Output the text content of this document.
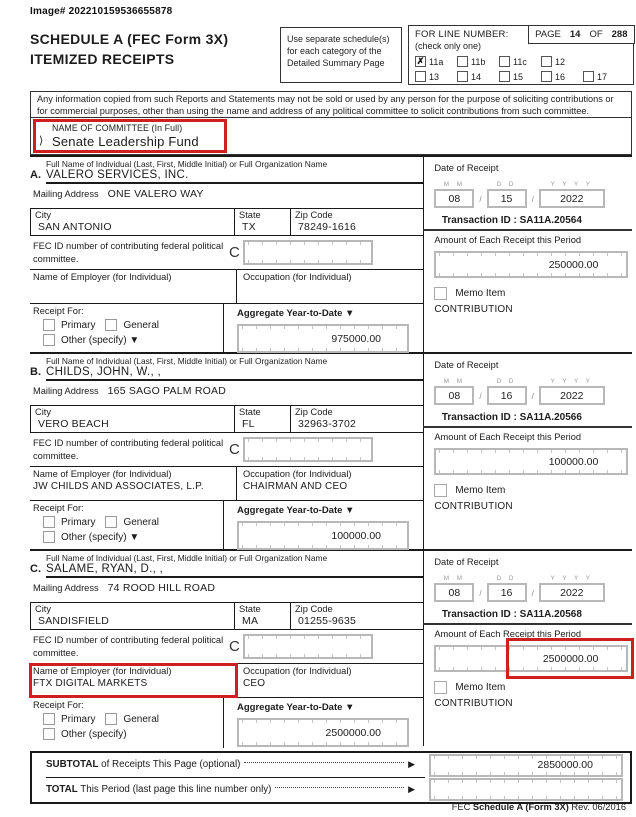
Image# 202210159536655878
SCHEDULE A (FEC Form 3X)
ITEMIZED RECEIPTS
Use separate schedule(s) for each category of the Detailed Summary Page
FOR LINE NUMBER:	PAGE 14 OF 288
(check only one)
✗ 11a	11b	11c	12
13	14	15	16	17
Any information copied from such Reports and Statements may not be sold or used by any person for the purpose of soliciting contributions or for commercial purposes, other than using the name and address of any political committee to solicit contributions from such committee.
⟩
NAME OF COMMITTEE (In Full)
Senate Leadership Fund
Full Name of Individual (Last, First, Middle Initial) or Full Organization Name
A. VALERO SERVICES, INC.
Mailing Address ONE VALERO WAY
City
SAN ANTONIO
State
TX
Zip Code
78249-1616
FEC ID number of contributing federal political committee.	C
Name of Employer (for Individual)	Occupation (for Individual)
Receipt For:
Primary	General
Other (specify) ▼
Aggregate Year-to-Date ▼
975000.00
Date of Receipt
M M
08	/
D D
15	/
Y Y Y Y
2022
Transaction ID : SA11A.20564
Amount of Each Receipt this Period
250000.00
Memo Item
CONTRIBUTION
Full Name of Individual (Last, First, Middle Initial) or Full Organization Name
B. CHILDS, JOHN, W., ,
Mailing Address 165 SAGO PALM ROAD
City
VERO BEACH
State
FL
Zip Code
32963-3702
FEC ID number of contributing federal political committee.	C
Name of Employer (for Individual)
JW CHILDS AND ASSOCIATES, L.P.
Occupation (for Individual)
CHAIRMAN AND CEO
Receipt For:
Primary	General
Other (specify) ▼
Aggregate Year-to-Date ▼
100000.00
Date of Receipt
M M
08	/
D D
16	/
Y Y Y Y
2022
Transaction ID : SA11A.20566
Amount of Each Receipt this Period
100000.00
Memo Item
CONTRIBUTION
Full Name of Individual (Last, First, Middle Initial) or Full Organization Name
C. SALAME, RYAN, D., ,
Mailing Address 74 ROOD HILL ROAD
City
SANDISFIELD
State
MA
Zip Code
01255-9635
FEC ID number of contributing federal political committee.	C
Name of Employer (for Individual)
FTX DIGITAL MARKETS
Occupation (for Individual)
CEO
Receipt For:
Primary	General
Other (specify)
Aggregate Year-to-Date ▼
2500000.00
Date of Receipt
M M
08	/
D D
16	/
Y Y Y Y
2022
Transaction ID : SA11A.20568
Amount of Each Receipt this Period
2500000.00
Memo Item
CONTRIBUTION
SUBTOTAL of Receipts This Page (optional)	▶	2850000.00
TOTAL This Period (last page this line number only)	▶
FEC Schedule A (Form 3X) Rev. 06/2016
